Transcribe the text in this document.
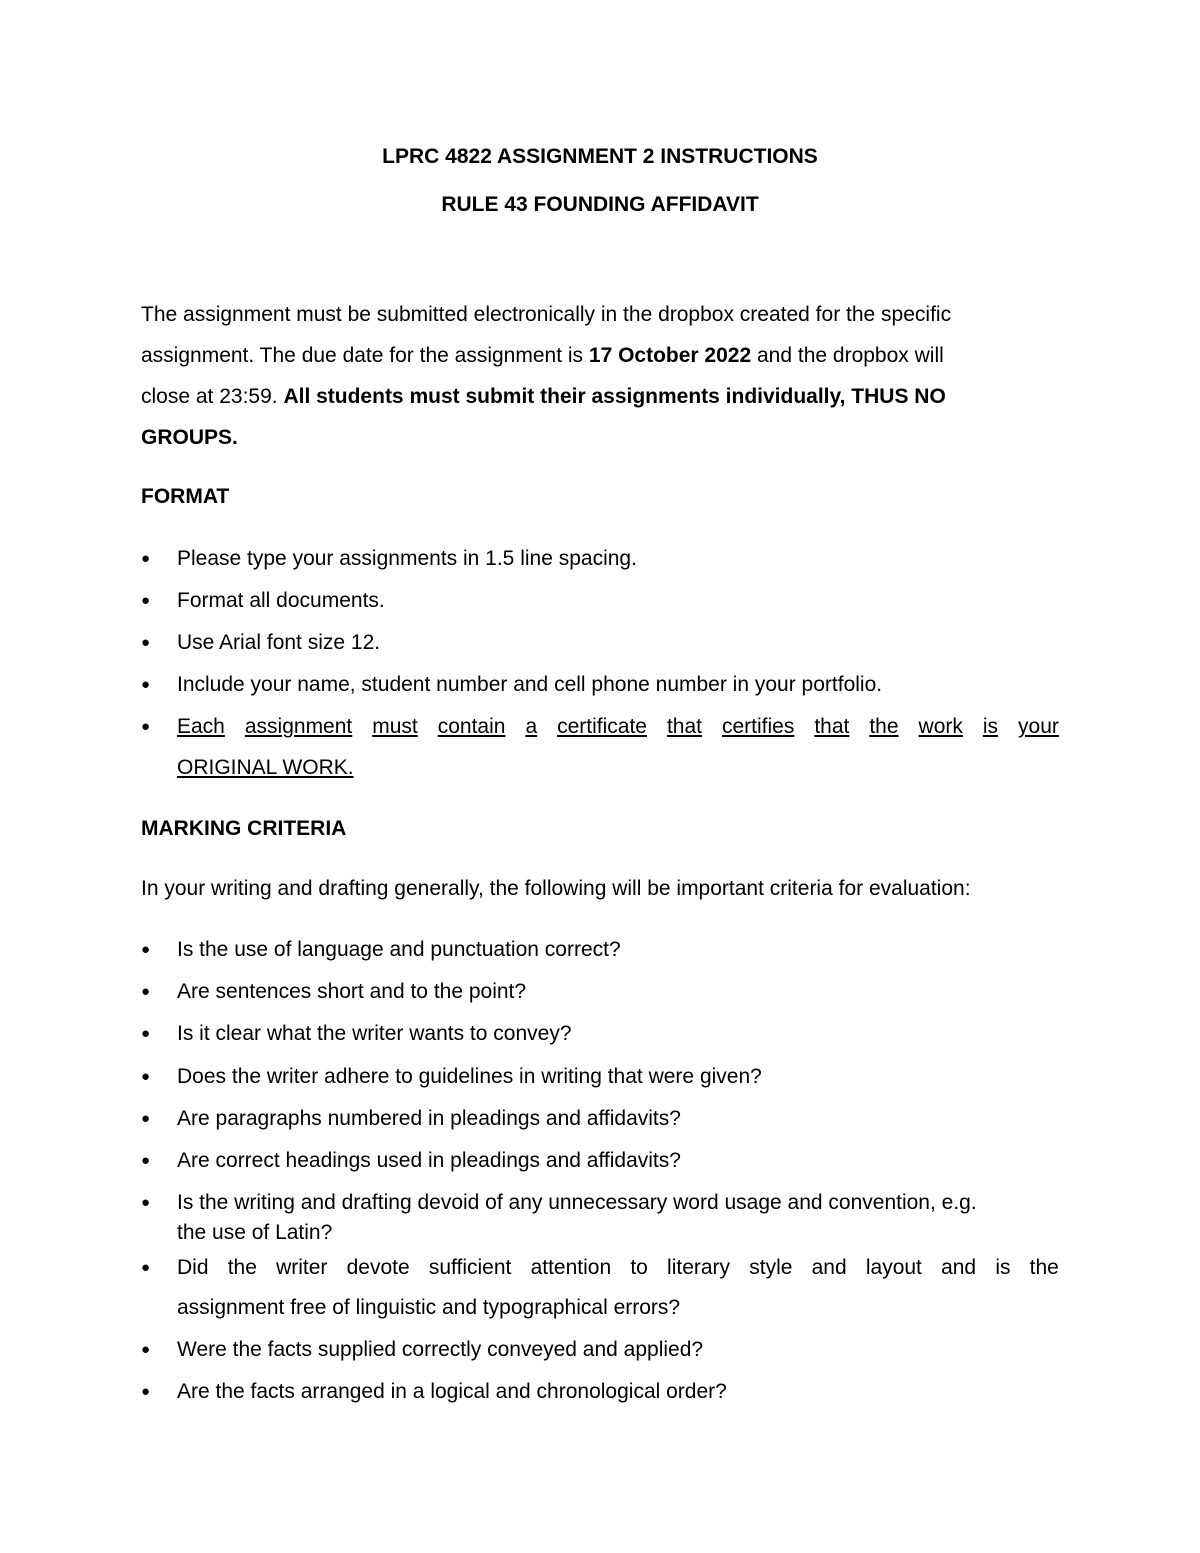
LPRC 4822 ASSIGNMENT 2 INSTRUCTIONS
RULE 43 FOUNDING AFFIDAVIT
The assignment must be submitted electronically in the dropbox created for the specific
assignment. The due date for the assignment is 17 October 2022 and the dropbox will
close at 23:59. All students must submit their assignments individually, THUS NO
GROUPS.
FORMAT
● Please type your assignments in 1.5 line spacing.
● Format all documents.
● Use Arial font size 12.
● Include your name, student number and cell phone number in your portfolio.
● Each assignment must contain a certificate that certifies that the work is your
ORIGINAL WORK.
MARKING CRITERIA
In your writing and drafting generally, the following will be important criteria for evaluation:
● Is the use of language and punctuation correct?
● Are sentences short and to the point?
● Is it clear what the writer wants to convey?
● Does the writer adhere to guidelines in writing that were given?
● Are paragraphs numbered in pleadings and affidavits?
● Are correct headings used in pleadings and affidavits?
● Is the writing and drafting devoid of any unnecessary word usage and convention, e.g.
the use of Latin?
● Did the writer devote sufficient attention to literary style and layout and is the
assignment free of linguistic and typographical errors?
● Were the facts supplied correctly conveyed and applied?
● Are the facts arranged in a logical and chronological order?
